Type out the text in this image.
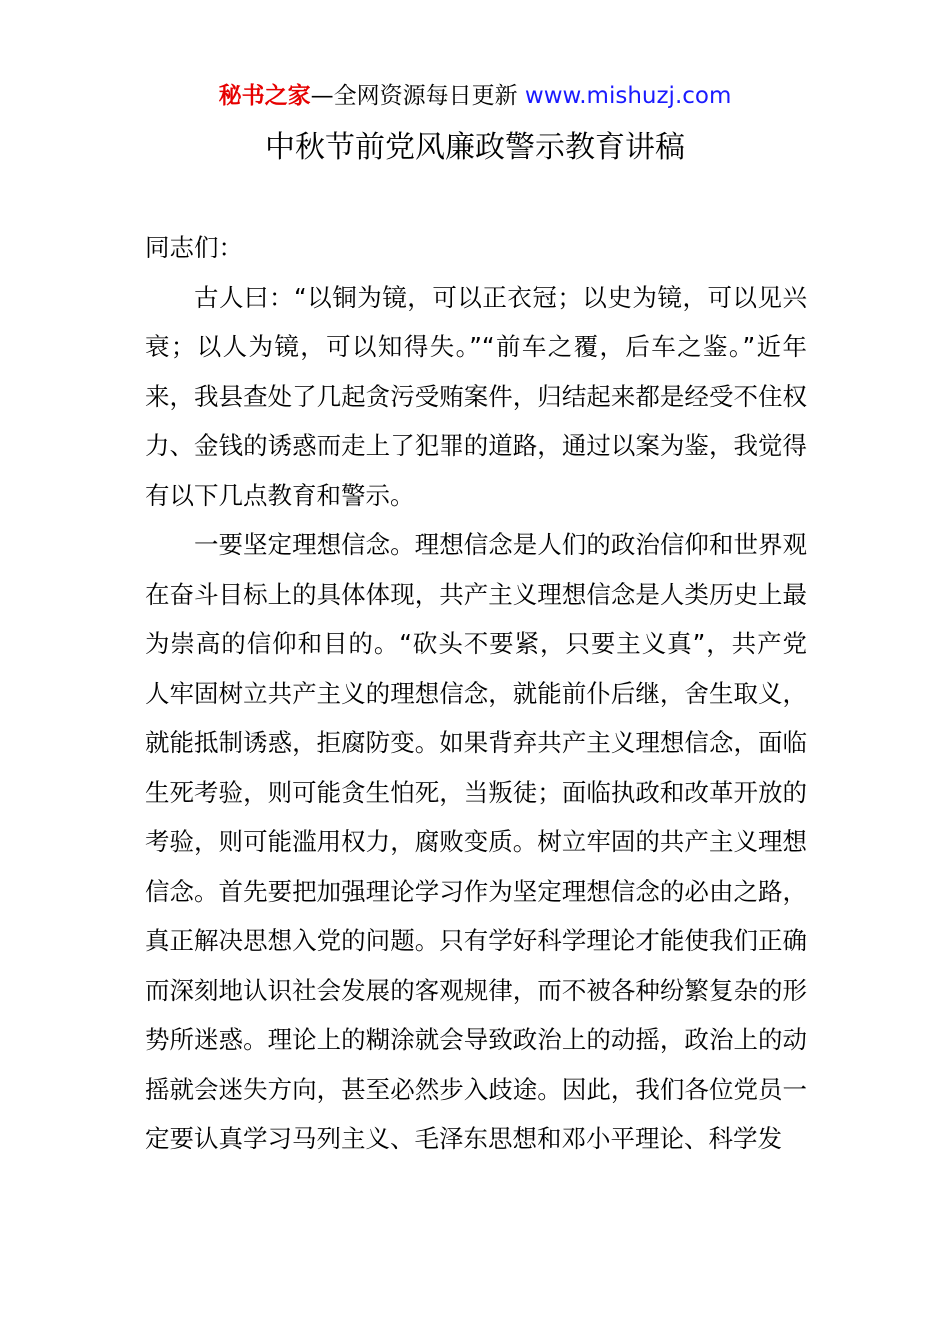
秘书之家—全网资源每日更新 www.mishuzj.com
中秋节前党风廉政警示教育讲稿

同志们：

古人曰：“以铜为镜，可以正衣冠；以史为镜，可以见兴衰；以人为镜，可以知得失。”“前车之覆，后车之鉴。”近年来，我县查处了几起贪污受贿案件，归结起来都是经受不住权力、金钱的诱惑而走上了犯罪的道路，通过以案为鉴，我觉得有以下几点教育和警示。

一要坚定理想信念。理想信念是人们的政治信仰和世界观在奋斗目标上的具体体现，共产主义理想信念是人类历史上最为崇高的信仰和目的。“砍头不要紧，只要主义真”，共产党人牢固树立共产主义的理想信念，就能前仆后继，舍生取义，就能抵制诱惑，拒腐防变。如果背弃共产主义理想信念，面临生死考验，则可能贪生怕死，当叛徒；面临执政和改革开放的考验，则可能滥用权力，腐败变质。树立牢固的共产主义理想信念。首先要把加强理论学习作为坚定理想信念的必由之路，真正解决思想入党的问题。只有学好科学理论才能使我们正确而深刻地认识社会发展的客观规律，而不被各种纷繁复杂的形势所迷惑。理论上的糊涂就会导致政治上的动摇，政治上的动摇就会迷失方向，甚至必然步入歧途。因此，我们各位党员一定要认真学习马列主义、毛泽东思想和邓小平理论、科学发
